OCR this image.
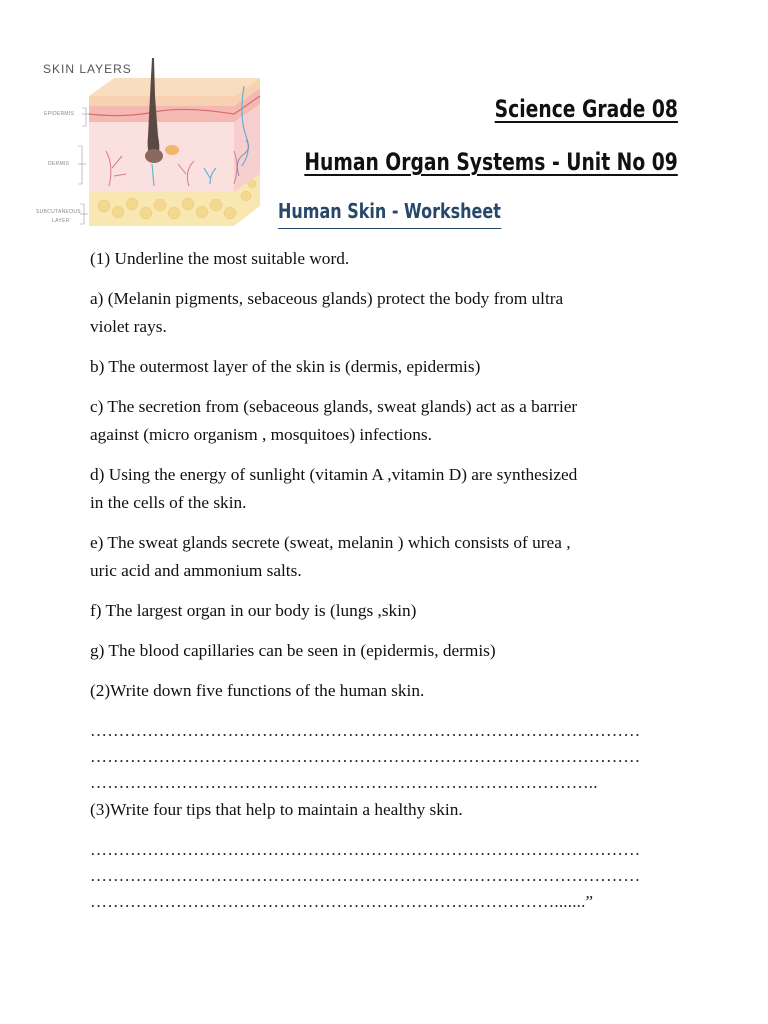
SKIN LAYERS
EPIDERMIS
DERMIS
SUBCUTANEOUS
LAYER
Science Grade 08
Human Organ Systems - Unit No 09
Human Skin - Worksheet
(1) Underline the most suitable word.
a) (Melanin pigments, sebaceous glands) protect the body from ultra
violet rays.
b) The outermost layer of the skin is (dermis, epidermis)
c) The secretion from (sebaceous glands, sweat glands) act as a barrier
against (micro organism , mosquitoes) infections.
d) Using the energy of sunlight (vitamin A ,vitamin D) are synthesized
in the cells of the skin.
e) The sweat glands secrete (sweat, melanin ) which consists of urea ,
uric acid and ammonium salts.
f) The largest organ in our body is (lungs ,skin)
g) The blood capillaries can be seen in (epidermis, dermis)
(2)Write down five functions of the human skin.
……………………………………………………………………………………
……………………………………………………………………………………
……………………………………………………………………………..
(3)Write four tips that help to maintain a healthy skin.
……………………………………………………………………………………
……………………………………………………………………………………
……………………………………………………………………….......”
